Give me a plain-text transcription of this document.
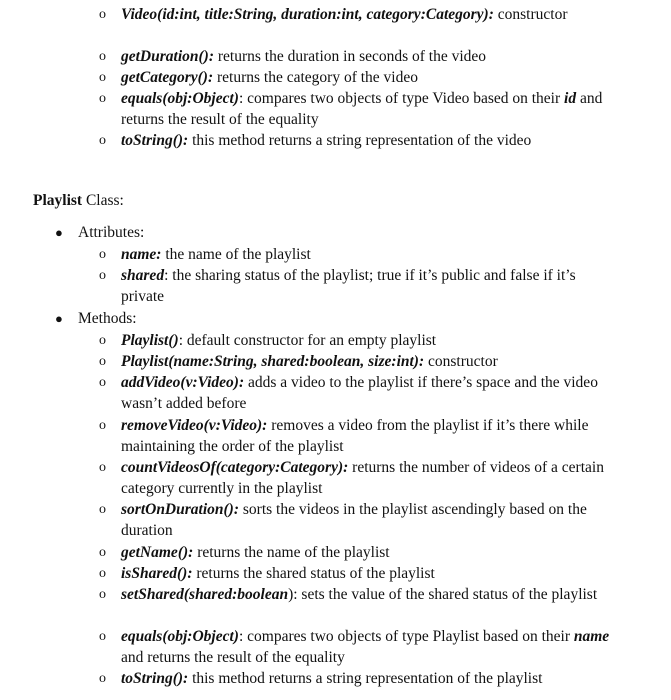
o Video(id:int, title:String, duration:int, category:Category): constructor
o getDuration(): returns the duration in seconds of the video
o getCategory(): returns the category of the video
o equals(obj:Object): compares two objects of type Video based on their id and returns the result of the equality
o toString(): this method returns a string representation of the video
Playlist Class:
● Attributes:
o name: the name of the playlist
o shared: the sharing status of the playlist; true if it’s public and false if it’s private
● Methods:
o Playlist(): default constructor for an empty playlist
o Playlist(name:String, shared:boolean, size:int): constructor
o addVideo(v:Video): adds a video to the playlist if there’s space and the video wasn’t added before
o removeVideo(v:Video): removes a video from the playlist if it’s there while maintaining the order of the playlist
o countVideosOf(category:Category): returns the number of videos of a certain category currently in the playlist
o sortOnDuration(): sorts the videos in the playlist ascendingly based on the duration
o getName(): returns the name of the playlist
o isShared(): returns the shared status of the playlist
o setShared(shared:boolean): sets the value of the shared status of the playlist
o equals(obj:Object): compares two objects of type Playlist based on their name and returns the result of the equality
o toString(): this method returns a string representation of the playlist
